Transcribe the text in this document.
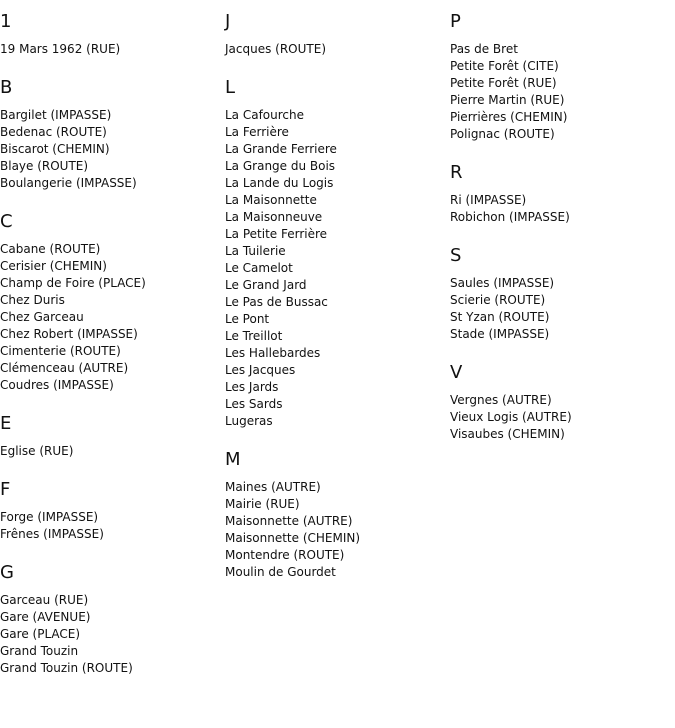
1
19 Mars 1962 (RUE)
B
Bargilet (IMPASSE)
Bedenac (ROUTE)
Biscarot (CHEMIN)
Blaye (ROUTE)
Boulangerie (IMPASSE)
C
Cabane (ROUTE)
Cerisier (CHEMIN)
Champ de Foire (PLACE)
Chez Duris
Chez Garceau
Chez Robert (IMPASSE)
Cimenterie (ROUTE)
Clémenceau (AUTRE)
Coudres (IMPASSE)
E
Eglise (RUE)
F
Forge (IMPASSE)
Frênes (IMPASSE)
G
Garceau (RUE)
Gare (AVENUE)
Gare (PLACE)
Grand Touzin
Grand Touzin (ROUTE)
J
Jacques (ROUTE)
L
La Cafourche
La Ferrière
La Grande Ferriere
La Grange du Bois
La Lande du Logis
La Maisonnette
La Maisonneuve
La Petite Ferrière
La Tuilerie
Le Camelot
Le Grand Jard
Le Pas de Bussac
Le Pont
Le Treillot
Les Hallebardes
Les Jacques
Les Jards
Les Sards
Lugeras
M
Maines (AUTRE)
Mairie (RUE)
Maisonnette (AUTRE)
Maisonnette (CHEMIN)
Montendre (ROUTE)
Moulin de Gourdet
P
Pas de Bret
Petite Forêt (CITE)
Petite Forêt (RUE)
Pierre Martin (RUE)
Pierrières (CHEMIN)
Polignac (ROUTE)
R
Ri (IMPASSE)
Robichon (IMPASSE)
S
Saules (IMPASSE)
Scierie (ROUTE)
St Yzan (ROUTE)
Stade (IMPASSE)
V
Vergnes (AUTRE)
Vieux Logis (AUTRE)
Visaubes (CHEMIN)
